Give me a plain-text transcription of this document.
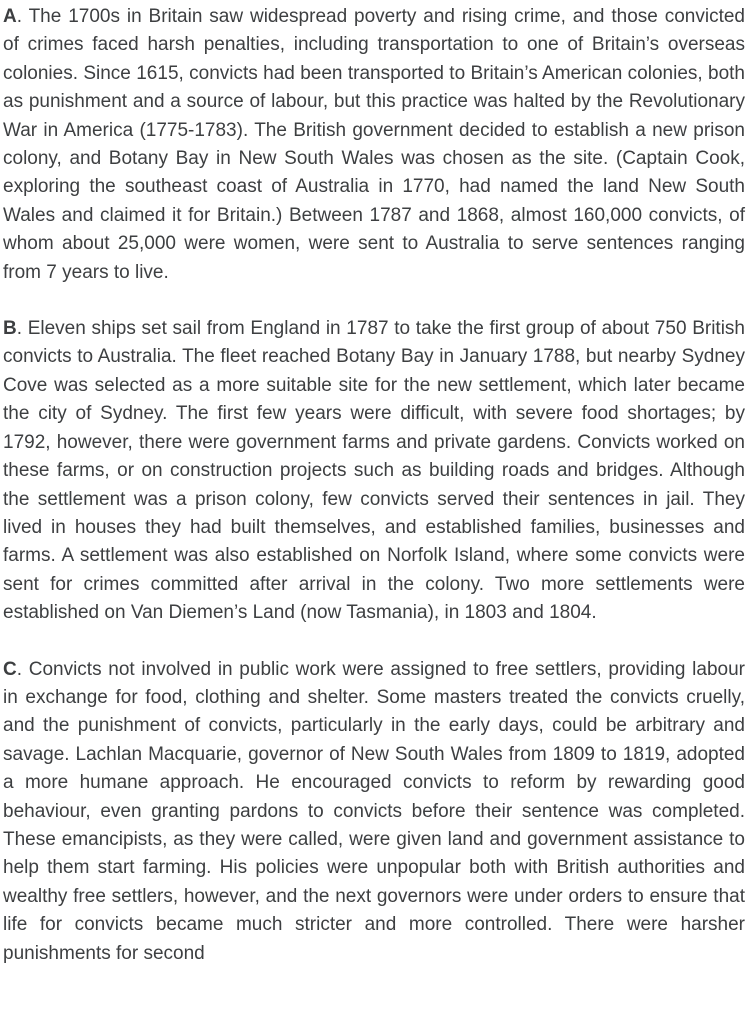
A. The 1700s in Britain saw widespread poverty and rising crime, and those convicted of crimes faced harsh penalties, including transportation to one of Britain’s overseas colonies. Since 1615, convicts had been transported to Britain’s American colonies, both as punishment and a source of labour, but this practice was halted by the Revolutionary War in America (1775-1783). The British government decided to establish a new prison colony, and Botany Bay in New South Wales was chosen as the site. (Captain Cook, exploring the southeast coast of Australia in 1770, had named the land New South Wales and claimed it for Britain.) Between 1787 and 1868, almost 160,000 convicts, of whom about 25,000 were women, were sent to Australia to serve sentences ranging from 7 years to live.

B. Eleven ships set sail from England in 1787 to take the first group of about 750 British convicts to Australia. The fleet reached Botany Bay in January 1788, but nearby Sydney Cove was selected as a more suitable site for the new settlement, which later became the city of Sydney. The first few years were difficult, with severe food shortages; by 1792, however, there were government farms and private gardens. Convicts worked on these farms, or on construction projects such as building roads and bridges. Although the settlement was a prison colony, few convicts served their sentences in jail. They lived in houses they had built themselves, and established families, businesses and farms. A settlement was also established on Norfolk Island, where some convicts were sent for crimes committed after arrival in the colony. Two more settlements were established on Van Diemen’s Land (now Tasmania), in 1803 and 1804.

C. Convicts not involved in public work were assigned to free settlers, providing labour in exchange for food, clothing and shelter. Some masters treated the convicts cruelly, and the punishment of convicts, particularly in the early days, could be arbitrary and savage. Lachlan Macquarie, governor of New South Wales from 1809 to 1819, adopted a more humane approach. He encouraged convicts to reform by rewarding good behaviour, even granting pardons to convicts before their sentence was completed. These emancipists, as they were called, were given land and government assistance to help them start farming. His policies were unpopular both with British authorities and wealthy free settlers, however, and the next governors were under orders to ensure that life for convicts became much stricter and more controlled. There were harsher punishments for second
